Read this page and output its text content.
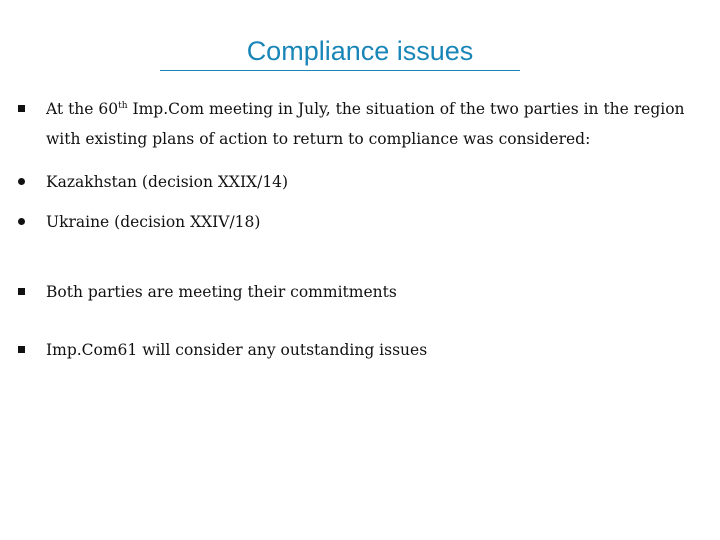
Compliance issues
At the 60th Imp.Com meeting in July, the situation of the two parties in the region with existing plans of action to return to compliance was considered:
Kazakhstan (decision XXIX/14)
Ukraine (decision XXIV/18)
Both parties are meeting their commitments
Imp.Com61 will consider any outstanding issues
